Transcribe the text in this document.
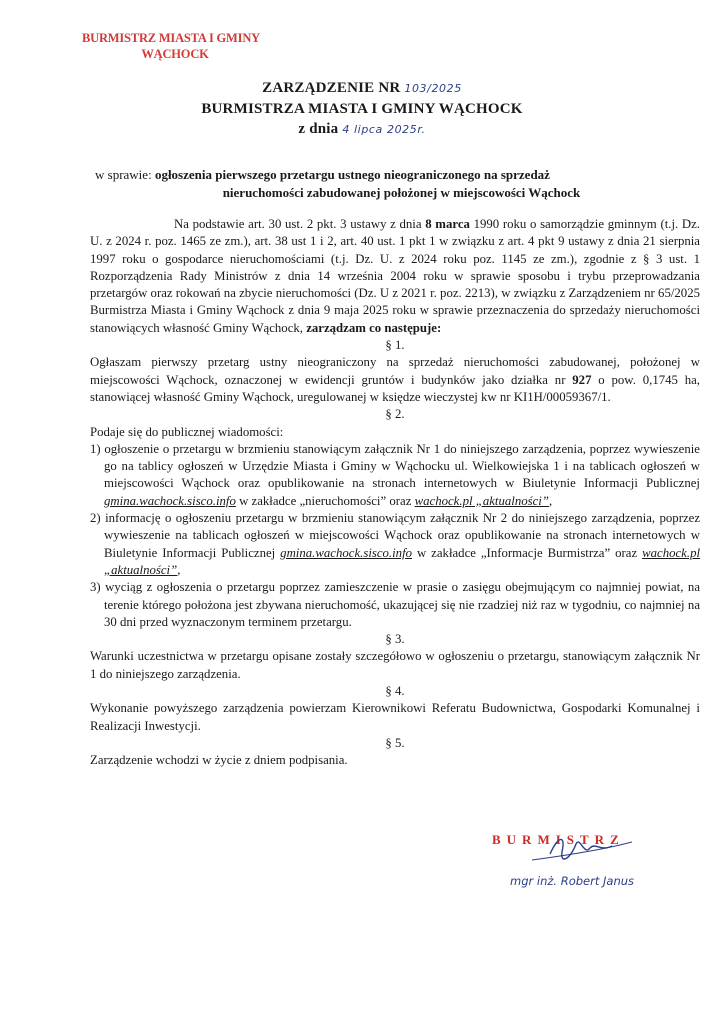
BURMISTRZ MIASTA I GMINY
WĄCHOCK
ZARZĄDZENIE NR 103/2025
BURMISTRZA MIASTA I GMINY WĄCHOCK
z dnia 4 lipca 2025r.
w sprawie: ogłoszenia pierwszego przetargu ustnego nieograniczonego na sprzedaż
nieruchomości zabudowanej położonej w miejscowości Wąchock

Na podstawie art. 30 ust. 2 pkt. 3 ustawy z dnia 8 marca 1990 roku o samorządzie gminnym (t.j. Dz. U. z 2024 r. poz. 1465 ze zm.), art. 38 ust 1 i 2, art. 40 ust. 1 pkt 1 w związku z art. 4 pkt 9 ustawy z dnia 21 sierpnia 1997 roku o gospodarce nieruchomościami (t.j. Dz. U. z 2024 roku poz. 1145 ze zm.), zgodnie z § 3 ust. 1 Rozporządzenia Rady Ministrów z dnia 14 września 2004 roku w sprawie sposobu i trybu przeprowadzania przetargów oraz rokowań na zbycie nieruchomości (Dz. U z 2021 r. poz. 2213), w związku z Zarządzeniem nr 65/2025 Burmistrza Miasta i Gminy Wąchock z dnia 9 maja 2025 roku w sprawie przeznaczenia do sprzedaży nieruchomości stanowiących własność Gminy Wąchock, zarządzam co następuje:

§ 1.

Ogłaszam pierwszy przetarg ustny nieograniczony na sprzedaż nieruchomości zabudowanej, położonej w miejscowości Wąchock, oznaczonej w ewidencji gruntów i budynków jako działka nr 927 o pow. 0,1745 ha, stanowiącej własność Gminy Wąchock, uregulowanej w księdze wieczystej kw nr KI1H/00059367/1.

§ 2.

Podaje się do publicznej wiadomości:

1) ogłoszenie o przetargu w brzmieniu stanowiącym załącznik Nr 1 do niniejszego zarządzenia, poprzez wywieszenie go na tablicy ogłoszeń w Urzędzie Miasta i Gminy w Wąchocku ul. Wielkowiejska 1 i na tablicach ogłoszeń w miejscowości Wąchock oraz opublikowanie na stronach internetowych w Biuletynie Informacji Publicznej gmina.wachock.sisco.info w zakładce „nieruchomości” oraz wachock.pl „aktualności”,
2) informację o ogłoszeniu przetargu w brzmieniu stanowiącym załącznik Nr 2 do niniejszego zarządzenia, poprzez wywieszenie na tablicach ogłoszeń w miejscowości Wąchock oraz opublikowanie na stronach internetowych w Biuletynie Informacji Publicznej gmina.wachock.sisco.info w zakładce „Informacje Burmistrza” oraz wachock.pl „aktualności”,
3) wyciąg z ogłoszenia o przetargu poprzez zamieszczenie w prasie o zasięgu obejmującym co najmniej powiat, na terenie którego położona jest zbywana nieruchomość, ukazującej się nie rzadziej niż raz w tygodniu, co najmniej na 30 dni przed wyznaczonym terminem przetargu.

§ 3.

Warunki uczestnictwa w przetargu opisane zostały szczegółowo w ogłoszeniu o przetargu, stanowiącym załącznik Nr 1 do niniejszego zarządzenia.

§ 4.

Wykonanie powyższego zarządzenia powierzam Kierownikowi Referatu Budownictwa, Gospodarki Komunalnej i Realizacji Inwestycji.

§ 5.

Zarządzenie wchodzi w życie z dniem podpisania.

BURMISTRZ
mgr inż. Robert Janus
